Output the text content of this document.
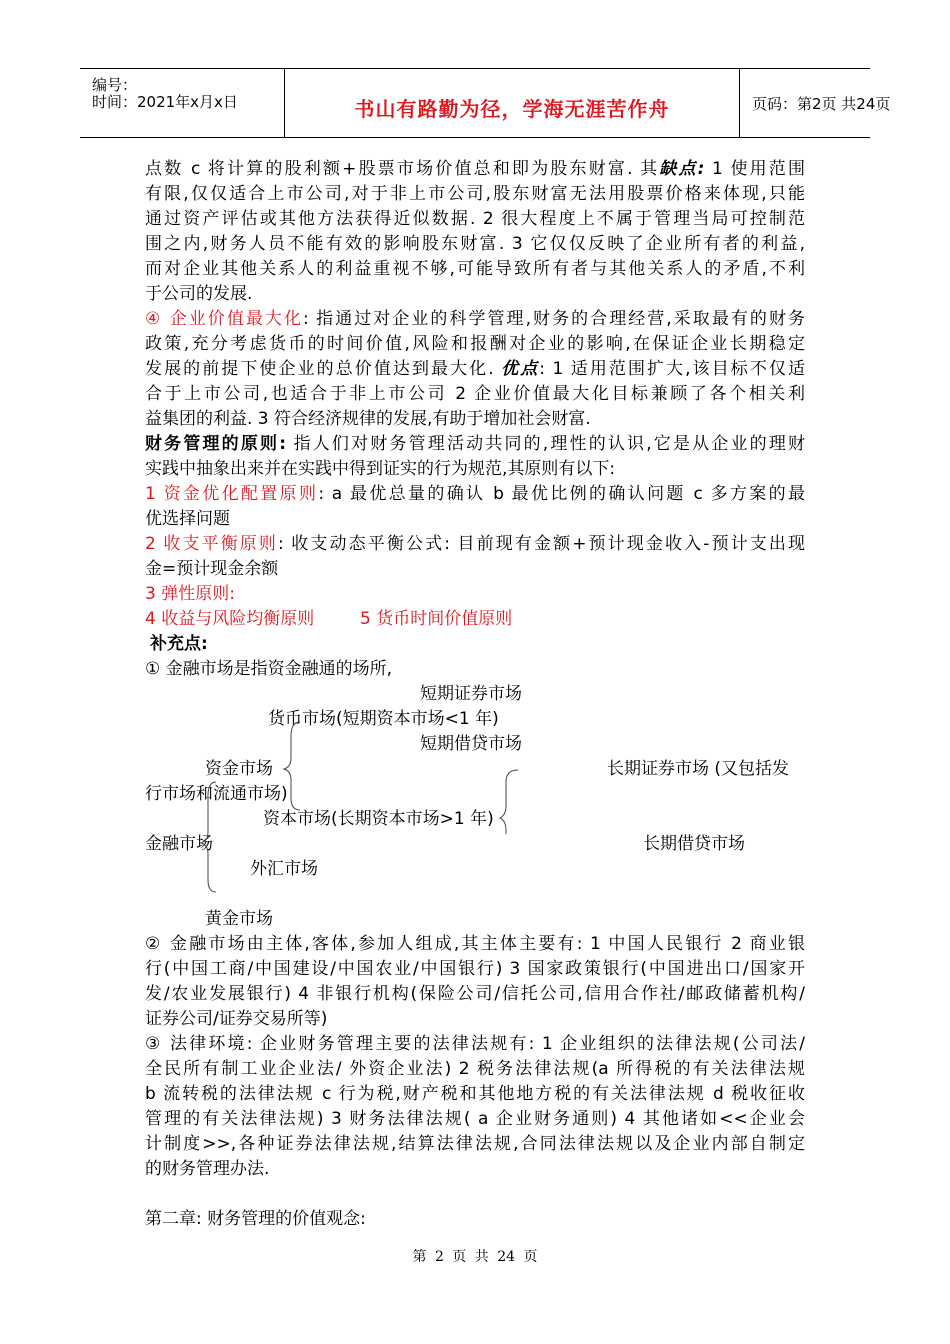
编号：
时间：2021年x月x日	书山有路勤为径，学海无涯苦作舟	页码：第2页 共24页
点数 c 将计算的股利额+股票市场价值总和即为股东财富. 其缺点: 1 使用范围
有限,仅仅适合上市公司,对于非上市公司,股东财富无法用股票价格来体现,只能
通过资产评估或其他方法获得近似数据. 2 很大程度上不属于管理当局可控制范
围之内,财务人员不能有效的影响股东财富. 3 它仅仅反映了企业所有者的利益,
而对企业其他关系人的利益重视不够,可能导致所有者与其他关系人的矛盾,不利
于公司的发展.
④ 企业价值最大化: 指通过对企业的科学管理,财务的合理经营,采取最有的财务
政策,充分考虑货币的时间价值,风险和报酬对企业的影响,在保证企业长期稳定
发展的前提下使企业的总价值达到最大化. 优点: 1 适用范围扩大,该目标不仅适
合于上市公司,也适合于非上市公司 2 企业价值最大化目标兼顾了各个相关利
益集团的利益. 3 符合经济规律的发展,有助于增加社会财富.
财务管理的原则: 指人们对财务管理活动共同的,理性的认识,它是从企业的理财
实践中抽象出来并在实践中得到证实的行为规范,其原则有以下:
1 资金优化配置原则: a 最优总量的确认 b 最优比例的确认问题 c 多方案的最
优选择问题
2 收支平衡原则: 收支动态平衡公式: 目前现有金额+预计现金收入-预计支出现
金=预计现金余额
3 弹性原则:
4 收益与风险均衡原则	5 货币时间价值原则
补充点:
① 金融市场是指资金融通的场所,
短期证券市场
货币市场(短期资本市场<1 年)
短期借贷市场
资金市场	长期证券市场 (又包括发
行市场和流通市场)
资本市场(长期资本市场>1 年)
金融市场	长期借贷市场
外汇市场
黄金市场
② 金融市场由主体,客体,参加人组成,其主体主要有: 1 中国人民银行 2 商业银
行(中国工商/中国建设/中国农业/中国银行) 3 国家政策银行(中国进出口/国家开
发/农业发展银行) 4 非银行机构(保险公司/信托公司,信用合作社/邮政储蓄机构/
证券公司/证券交易所等)
③ 法律环境: 企业财务管理主要的法律法规有: 1 企业组织的法律法规(公司法/
全民所有制工业企业法/ 外资企业法) 2 税务法律法规(a 所得税的有关法律法规
b 流转税的法律法规 c 行为税,财产税和其他地方税的有关法律法规 d 税收征收
管理的有关法律法规) 3 财务法律法规( a 企业财务通则) 4 其他诸如<<企业会
计制度>>,各种证券法律法规,结算法律法规,合同法律法规以及企业内部自制定
的财务管理办法.
第二章: 财务管理的价值观念:
第 2 页 共 24 页
